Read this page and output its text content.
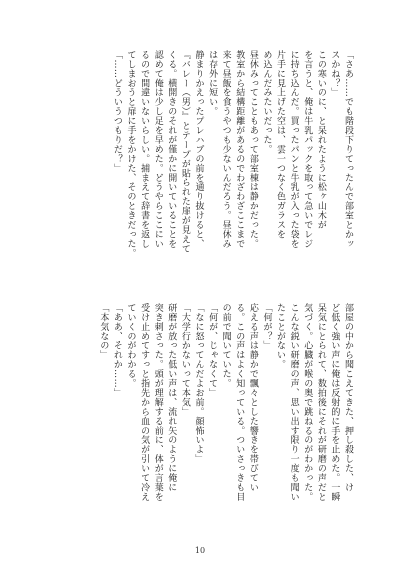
「さあ……でも階段下りてったんで部室とかッ
スかね？」
この寒いのに、と呆れたように松ヶ山木が
を言うと、俺は牛乳パックを取って急いでレジ
に持ち込んだ。買ったパンと牛乳が入った袋を
片手に見上げた空は、雲一つなく色ガラスを
め込んだみたいだった。
昼休みってこともあって部室棟は静かだった。
教室から結構距離があるのでわざわざここまで
来て昼飯を食うやつも少ないんだろう。昼休み
は存外に短い。
静まりかえったプレハブの前を通り抜けると、
『バレー（男）』とテープが貼られた扉が見えて
くる。横開きのそれが僅かに開いていることを
認めて俺は少し足を早めた。どうやらここにい
るので間違いないらしい。捕まえて辞書を返し
てしまおうと扉に手をかけた、そのときだった。
「……どういうつもりだ？」
部屋の中から聞こえてきた、押し殺した、け
ど低く強い声に俺は反射的に手を止めた。一瞬
呆気にとられて、数拍後にそれが研磨の声だと
気づく。心臓が喉の奥で跳ねるのがわかった。
こんな鋭い研磨の声、思い出す限り一度も聞い
たことがない。
「何が？」
応える声は静かで飄々とした響きを帯びてい
る。この声はよく知っている。ついさっきも目
の前で聞いていた。
「何が、じゃなくて」
「なに怒ってんだよお前。顔怖いよ」
「大学行かないって本気」
研磨が放った低い声は、流れ矢のように俺に
突き刺さった。頭が理解する前に、体が言葉を
受け止めてすっと指先から血の気が引いて冷え
ていくのがわかる。
「ああ、それか……」
「本気なの」
10
